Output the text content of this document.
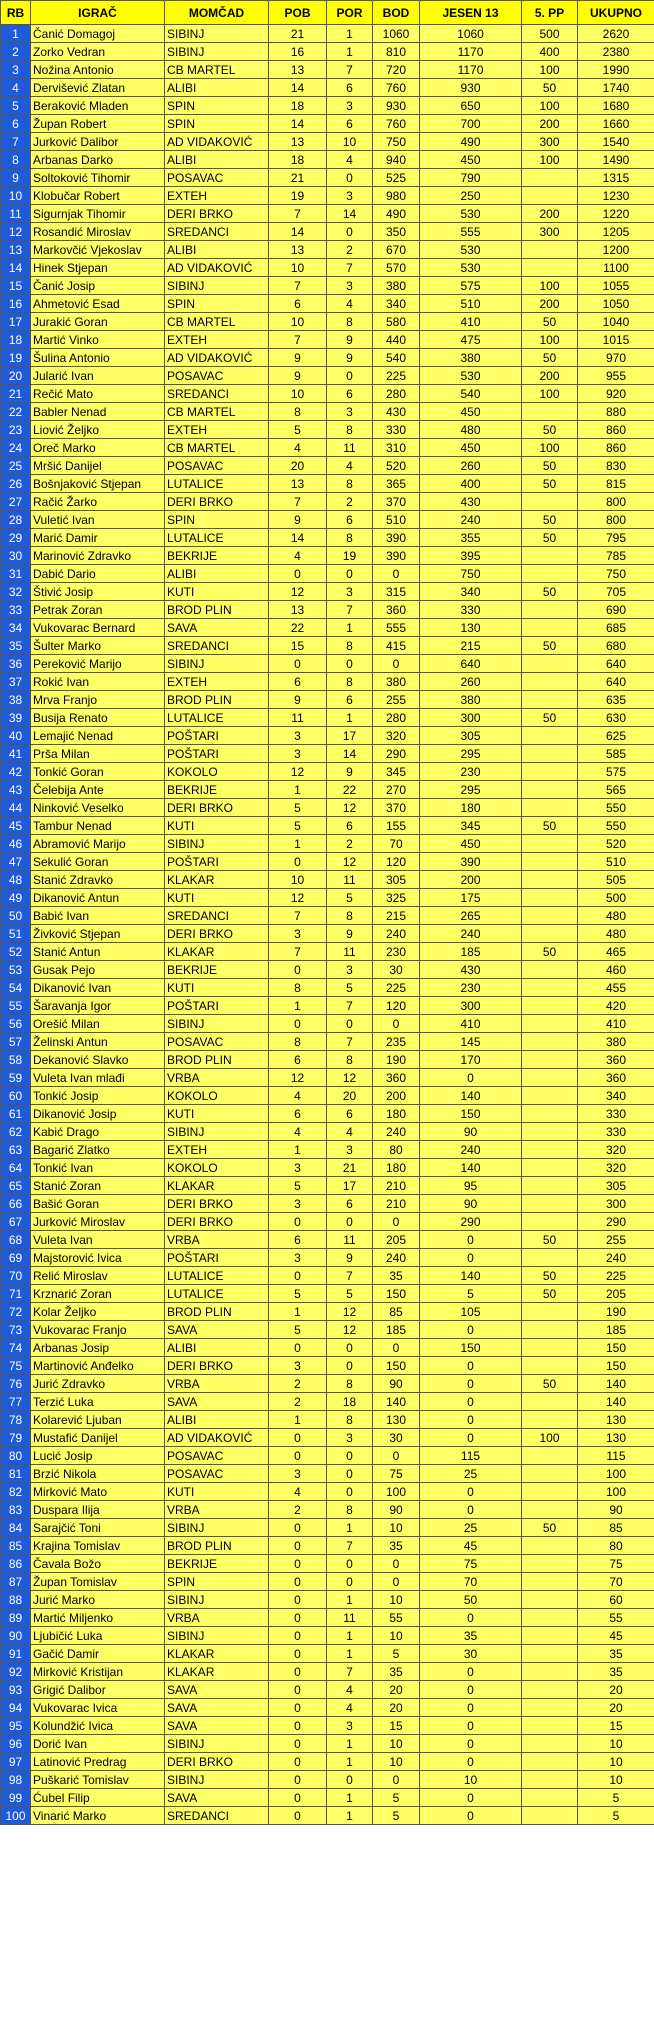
RB	IGRAČ	MOMČAD	POB	POR	BOD	JESEN 13	5. PP	UKUPNO
1	Čanić Domagoj	SIBINJ	21	1	1060	1060	500	2620
2	Zorko Vedran	SIBINJ	16	1	810	1170	400	2380
3	Nožina Antonio	CB MARTEL	13	7	720	1170	100	1990
4	Dervišević Zlatan	ALIBI	14	6	760	930	50	1740
5	Beraković Mladen	SPIN	18	3	930	650	100	1680
6	Župan Robert	SPIN	14	6	760	700	200	1660
7	Jurković Dalibor	AD VIDAKOVIĆ	13	10	750	490	300	1540
8	Arbanas Darko	ALIBI	18	4	940	450	100	1490
9	Soltoković Tihomir	POSAVAC	21	0	525	790		1315
10	Klobučar Robert	EXTEH	19	3	980	250		1230
11	Sigurnjak Tihomir	DERI BRKO	7	14	490	530	200	1220
12	Rosandić Miroslav	SREDANCI	14	0	350	555	300	1205
13	Markovčić Vjekoslav	ALIBI	13	2	670	530		1200
14	Hinek Stjepan	AD VIDAKOVIĆ	10	7	570	530		1100
15	Čanić Josip	SIBINJ	7	3	380	575	100	1055
16	Ahmetović Esad	SPIN	6	4	340	510	200	1050
17	Jurakić Goran	CB MARTEL	10	8	580	410	50	1040
18	Martić Vinko	EXTEH	7	9	440	475	100	1015
19	Šulina Antonio	AD VIDAKOVIĆ	9	9	540	380	50	970
20	Jularić Ivan	POSAVAC	9	0	225	530	200	955
21	Rečić Mato	SREDANCI	10	6	280	540	100	920
22	Babler Nenad	CB MARTEL	8	3	430	450		880
23	Liović Željko	EXTEH	5	8	330	480	50	860
24	Oreč Marko	CB MARTEL	4	11	310	450	100	860
25	Mršić Danijel	POSAVAC	20	4	520	260	50	830
26	Bošnjaković Stjepan	LUTALICE	13	8	365	400	50	815
27	Račić Žarko	DERI BRKO	7	2	370	430		800
28	Vuletić Ivan	SPIN	9	6	510	240	50	800
29	Marić Damir	LUTALICE	14	8	390	355	50	795
30	Marinović Zdravko	BEKRIJE	4	19	390	395		785
31	Dabić Dario	ALIBI	0	0	0	750		750
32	Štivić Josip	KUTI	12	3	315	340	50	705
33	Petrak Zoran	BROD PLIN	13	7	360	330		690
34	Vukovarac Bernard	SAVA	22	1	555	130		685
35	Šulter Marko	SREDANCI	15	8	415	215	50	680
36	Pereković Marijo	SIBINJ	0	0	0	640		640
37	Rokić Ivan	EXTEH	6	8	380	260		640
38	Mrva Franjo	BROD PLIN	9	6	255	380		635
39	Busija Renato	LUTALICE	11	1	280	300	50	630
40	Lemajić Nenad	POŠTARI	3	17	320	305		625
41	Prša Milan	POŠTARI	3	14	290	295		585
42	Tonkić Goran	KOKOLO	12	9	345	230		575
43	Čelebija Ante	BEKRIJE	1	22	270	295		565
44	Ninković Veselko	DERI BRKO	5	12	370	180		550
45	Tambur Nenad	KUTI	5	6	155	345	50	550
46	Abramović Marijo	SIBINJ	1	2	70	450		520
47	Sekulić Goran	POŠTARI	0	12	120	390		510
48	Stanić Zdravko	KLAKAR	10	11	305	200		505
49	Dikanović Antun	KUTI	12	5	325	175		500
50	Babić Ivan	SREDANCI	7	8	215	265		480
51	Živković Stjepan	DERI BRKO	3	9	240	240		480
52	Stanić Antun	KLAKAR	7	11	230	185	50	465
53	Gusak Pejo	BEKRIJE	0	3	30	430		460
54	Dikanović Ivan	KUTI	8	5	225	230		455
55	Šaravanja Igor	POŠTARI	1	7	120	300		420
56	Orešić Milan	SIBINJ	0	0	0	410		410
57	Želinski Antun	POSAVAC	8	7	235	145		380
58	Dekanović Slavko	BROD PLIN	6	8	190	170		360
59	Vuleta Ivan mlađi	VRBA	12	12	360	0		360
60	Tonkić Josip	KOKOLO	4	20	200	140		340
61	Dikanović Josip	KUTI	6	6	180	150		330
62	Kabić Drago	SIBINJ	4	4	240	90		330
63	Bagarić Zlatko	EXTEH	1	3	80	240		320
64	Tonkić Ivan	KOKOLO	3	21	180	140		320
65	Stanić Zoran	KLAKAR	5	17	210	95		305
66	Bašić Goran	DERI BRKO	3	6	210	90		300
67	Jurković Miroslav	DERI BRKO	0	0	0	290		290
68	Vuleta Ivan	VRBA	6	11	205	0	50	255
69	Majstorović Ivica	POŠTARI	3	9	240	0		240
70	Relić Miroslav	LUTALICE	0	7	35	140	50	225
71	Krznarić Zoran	LUTALICE	5	5	150	5	50	205
72	Kolar Željko	BROD PLIN	1	12	85	105		190
73	Vukovarac Franjo	SAVA	5	12	185	0		185
74	Arbanas Josip	ALIBI	0	0	0	150		150
75	Martinović Anđelko	DERI BRKO	3	0	150	0		150
76	Jurić Zdravko	VRBA	2	8	90	0	50	140
77	Terzić Luka	SAVA	2	18	140	0		140
78	Kolarević Ljuban	ALIBI	1	8	130	0		130
79	Mustafić Danijel	AD VIDAKOVIĆ	0	3	30	0	100	130
80	Lucić Josip	POSAVAC	0	0	0	115		115
81	Brzić Nikola	POSAVAC	3	0	75	25		100
82	Mirković Mato	KUTI	4	0	100	0		100
83	Duspara Ilija	VRBA	2	8	90	0		90
84	Sarajčić Toni	SIBINJ	0	1	10	25	50	85
85	Krajina Tomislav	BROD PLIN	0	7	35	45		80
86	Čavala Božo	BEKRIJE	0	0	0	75		75
87	Župan Tomislav	SPIN	0	0	0	70		70
88	Jurić Marko	SIBINJ	0	1	10	50		60
89	Martić Miljenko	VRBA	0	11	55	0		55
90	Ljubičić Luka	SIBINJ	0	1	10	35		45
91	Gačić Damir	KLAKAR	0	1	5	30		35
92	Mirković Kristijan	KLAKAR	0	7	35	0		35
93	Grigić Dalibor	SAVA	0	4	20	0		20
94	Vukovarac Ivica	SAVA	0	4	20	0		20
95	Kolundžić Ivica	SAVA	0	3	15	0		15
96	Dorić Ivan	SIBINJ	0	1	10	0		10
97	Latinović Predrag	DERI BRKO	0	1	10	0		10
98	Puškarić Tomislav	SIBINJ	0	0	0	10		10
99	Ćubel Filip	SAVA	0	1	5	0		5
100	Vinarić Marko	SREDANCI	0	1	5	0		5
